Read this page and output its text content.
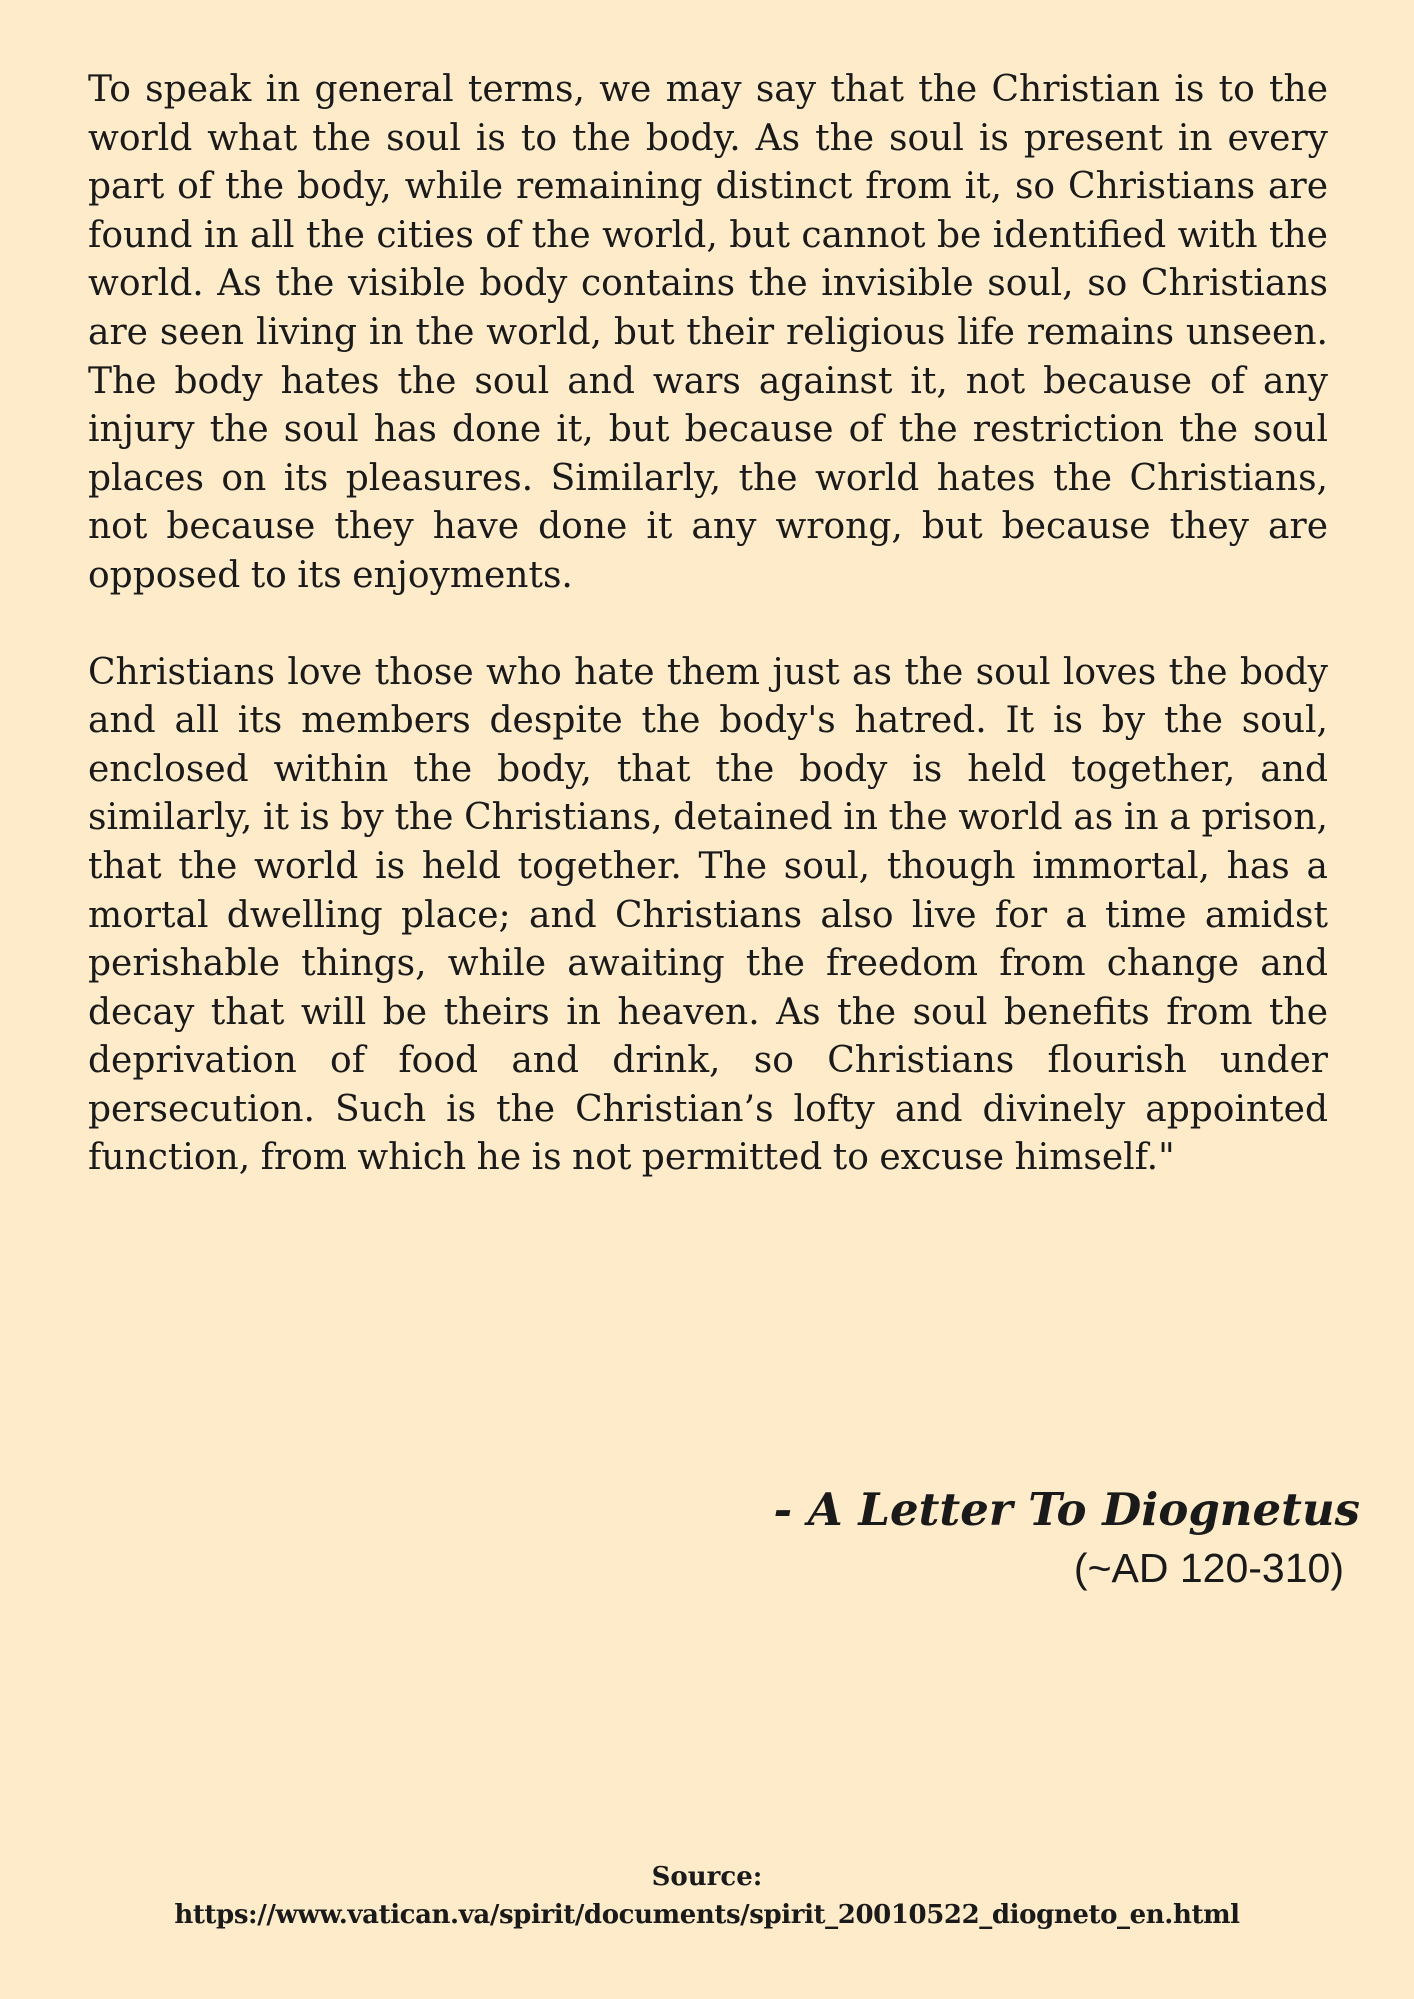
To speak in general terms, we may say that the Christian is to the world what the soul is to the body. As the soul is present in every part of the body, while remaining distinct from it, so Christians are found in all the cities of the world, but cannot be identified with the world. As the visible body contains the invisible soul, so Christians are seen living in the world, but their religious life remains unseen. The body hates the soul and wars against it, not because of any injury the soul has done it, but because of the restriction the soul places on its pleasures. Similarly, the world hates the Christians, not because they have done it any wrong, but because they are opposed to its enjoyments.

Christians love those who hate them just as the soul loves the body and all its members despite the body's hatred. It is by the soul, enclosed within the body, that the body is held together, and similarly, it is by the Christians, detained in the world as in a prison, that the world is held together. The soul, though immortal, has a mortal dwelling place; and Christians also live for a time amidst perishable things, while awaiting the freedom from change and decay that will be theirs in heaven. As the soul benefits from the deprivation of food and drink, so Christians flourish under persecution. Such is the Christian’s lofty and divinely appointed function, from which he is not permitted to excuse himself."

- A Letter To Diognetus
(~AD 120-310)
Source:
https://www.vatican.va/spirit/documents/spirit_20010522_diogneto_en.html
